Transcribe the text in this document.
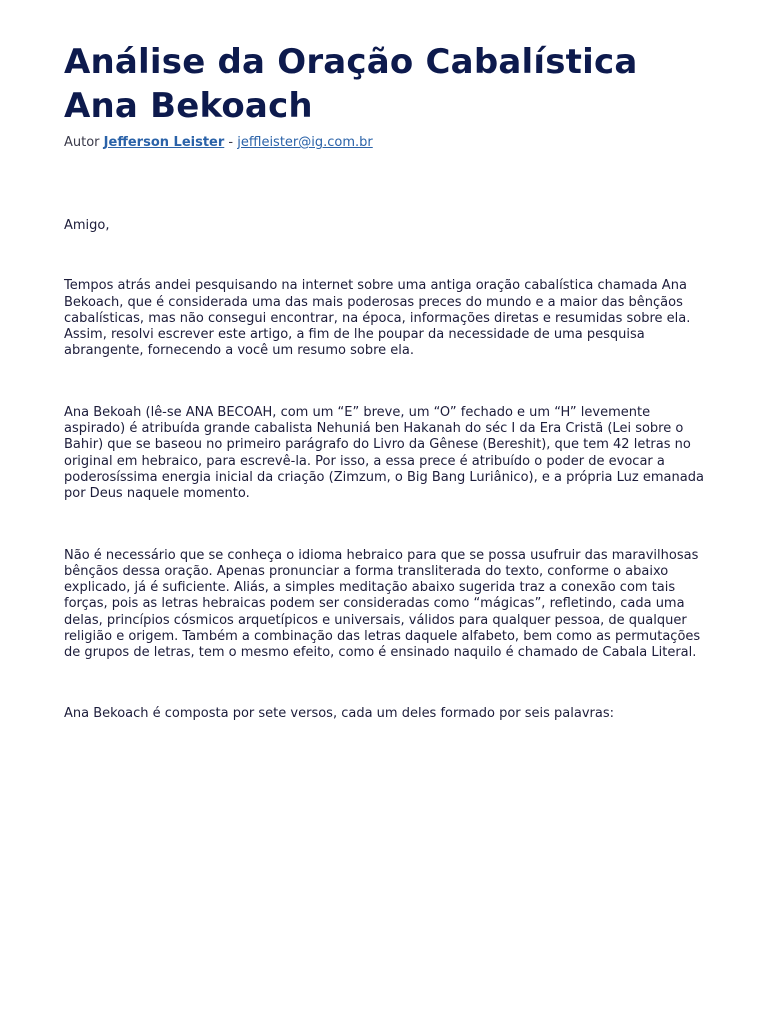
Análise da Oração Cabalística
Ana Bekoach
Autor Jefferson Leister - jeffleister@ig.com.br

Amigo,

Tempos atrás andei pesquisando na internet sobre uma antiga oração cabalística chamada Ana Bekoach, que é considerada uma das mais poderosas preces do mundo e a maior das bênçãos cabalísticas, mas não consegui encontrar, na época, informações diretas e resumidas sobre ela. Assim, resolvi escrever este artigo, a fim de lhe poupar da necessidade de uma pesquisa abrangente, fornecendo a você um resumo sobre ela.

Ana Bekoah (lê-se ANA BECOAH, com um “E” breve, um “O” fechado e um “H” levemente aspirado) é atribuída grande cabalista Nehuniá ben Hakanah do séc I da Era Cristã (Lei sobre o Bahir) que se baseou no primeiro parágrafo do Livro da Gênese (Bereshit), que tem 42 letras no original em hebraico, para escrevê-la. Por isso, a essa prece é atribuído o poder de evocar a poderosíssima energia inicial da criação (Zimzum, o Big Bang Luriânico), e a própria Luz emanada por Deus naquele momento.

Não é necessário que se conheça o idioma hebraico para que se possa usufruir das maravilhosas bênçãos dessa oração. Apenas pronunciar a forma transliterada do texto, conforme o abaixo explicado, já é suficiente. Aliás, a simples meditação abaixo sugerida traz a conexão com tais forças, pois as letras hebraicas podem ser consideradas como “mágicas”, refletindo, cada uma delas, princípios cósmicos arquetípicos e universais, válidos para qualquer pessoa, de qualquer religião e origem. Também a combinação das letras daquele alfabeto, bem como as permutações de grupos de letras, tem o mesmo efeito, como é ensinado naquilo é chamado de Cabala Literal.

Ana Bekoach é composta por sete versos, cada um deles formado por seis palavras:
